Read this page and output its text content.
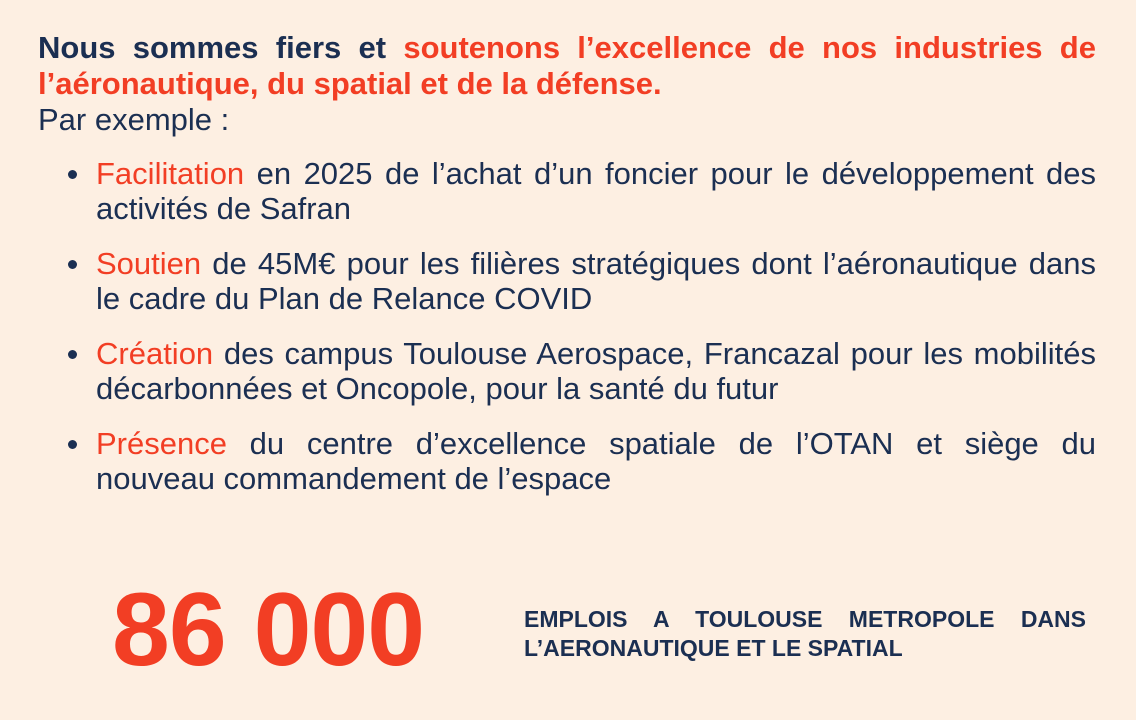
Nous sommes fiers et soutenons l’excellence de nos industries de l’aéronautique, du spatial et de la défense.

Par exemple :

Facilitation en 2025 de l’achat d’un foncier pour le développement des activités de Safran
Soutien de 45M€ pour les filières stratégiques dont l’aéronautique dans le cadre du Plan de Relance COVID
Création des campus Toulouse Aerospace, Francazal pour les mobilités décarbonnées et Oncopole, pour la santé du futur
Présence du centre d’excellence spatiale de l’OTAN et siège du nouveau commandement de l’espace
86 000	EMPLOIS A TOULOUSE METROPOLE DANS L’AERONAUTIQUE ET LE SPATIAL
